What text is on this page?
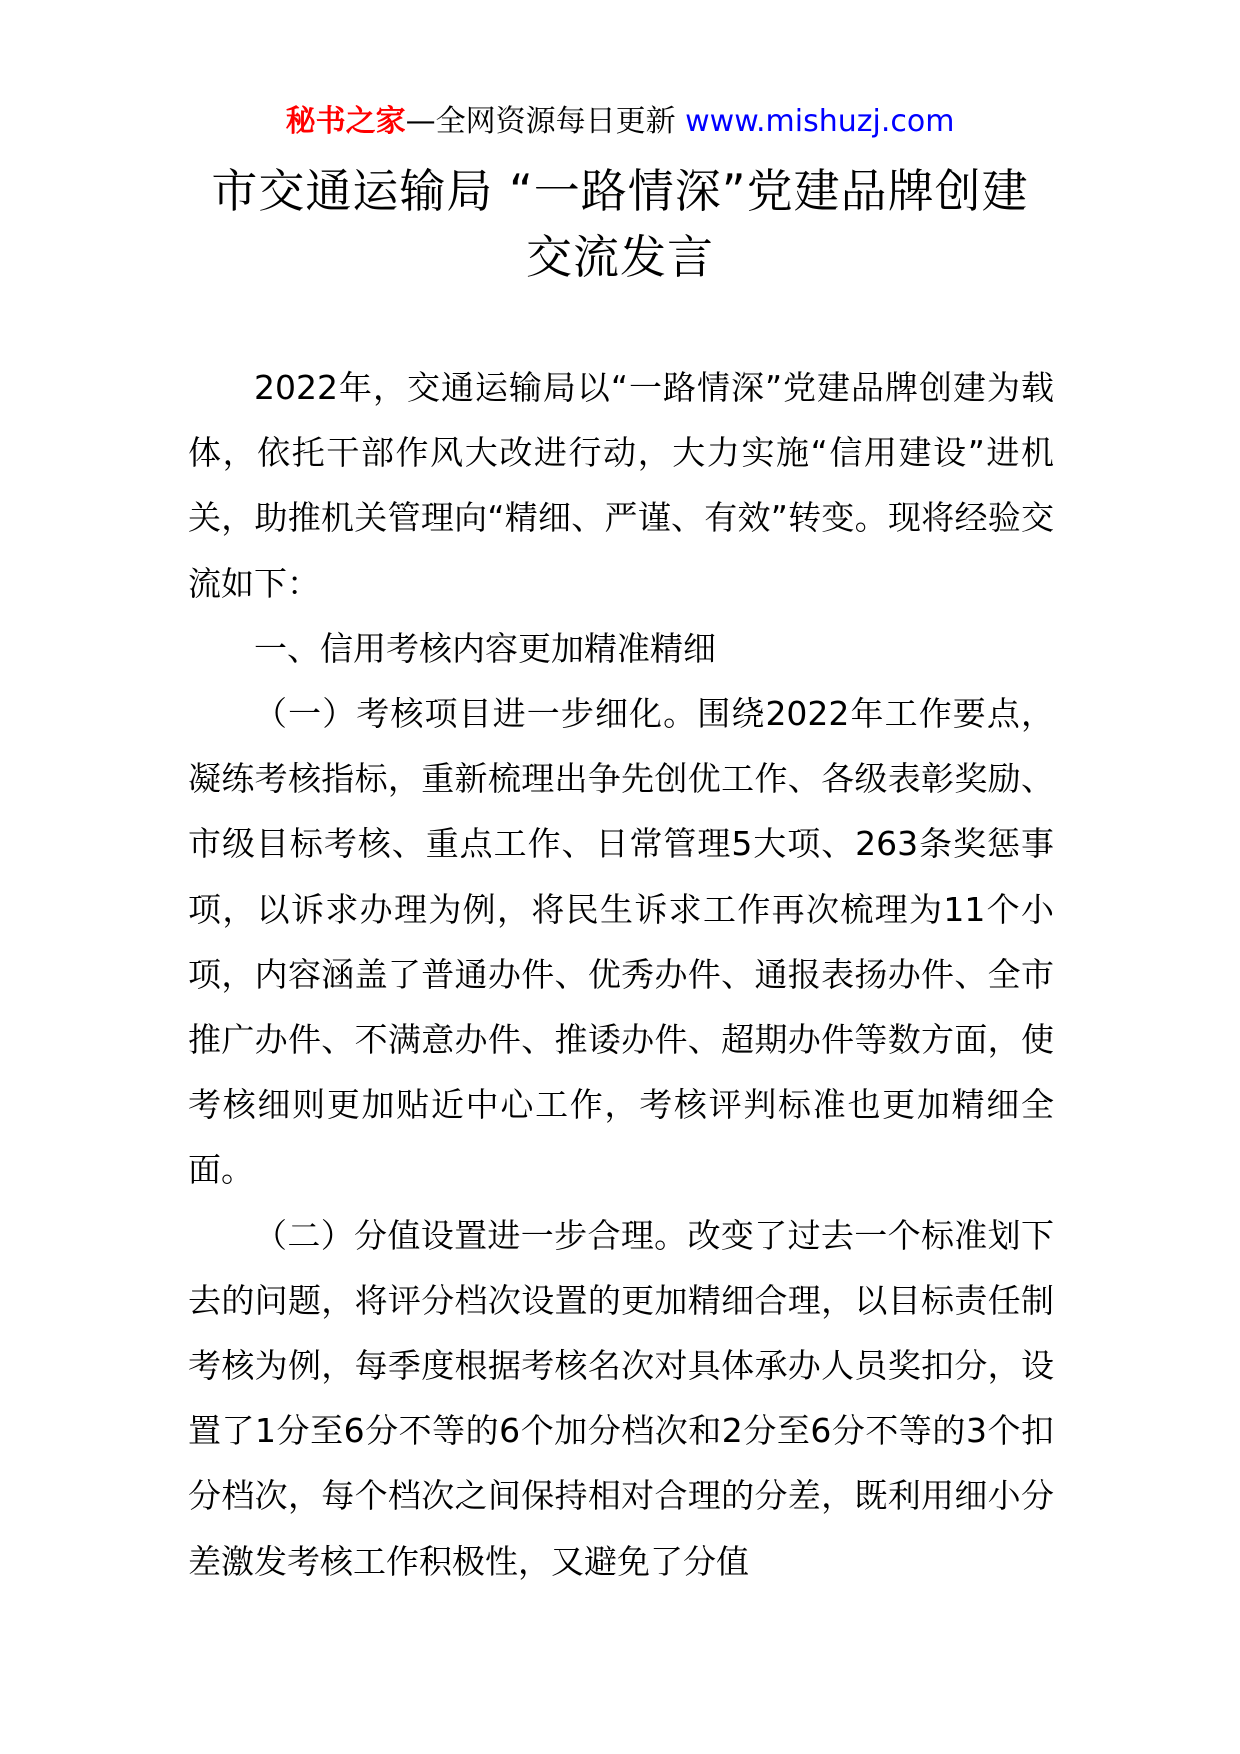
秘书之家—全网资源每日更新 www.mishuzj.com
市交通运输局 “一路情深”党建品牌创建
交流发言

2022年，交通运输局以“一路情深”党建品牌创建为载体，依托干部作风大改进行动，大力实施“信用建设”进机关，助推机关管理向“精细、严谨、有效”转变。现将经验交流如下：

一、信用考核内容更加精准精细

（一）考核项目进一步细化。围绕2022年工作要点，凝练考核指标，重新梳理出争先创优工作、各级表彰奖励、市级目标考核、重点工作、日常管理5大项、263条奖惩事项，以诉求办理为例，将民生诉求工作再次梳理为11个小项，内容涵盖了普通办件、优秀办件、通报表扬办件、全市推广办件、不满意办件、推诿办件、超期办件等数方面，使考核细则更加贴近中心工作，考核评判标准也更加精细全面。

（二）分值设置进一步合理。改变了过去一个标准划下去的问题，将评分档次设置的更加精细合理，以目标责任制考核为例，每季度根据考核名次对具体承办人员奖扣分，设置了1分至6分不等的6个加分档次和2分至6分不等的3个扣分档次，每个档次之间保持相对合理的分差，既利用细小分差激发考核工作积极性，又避免了分值
